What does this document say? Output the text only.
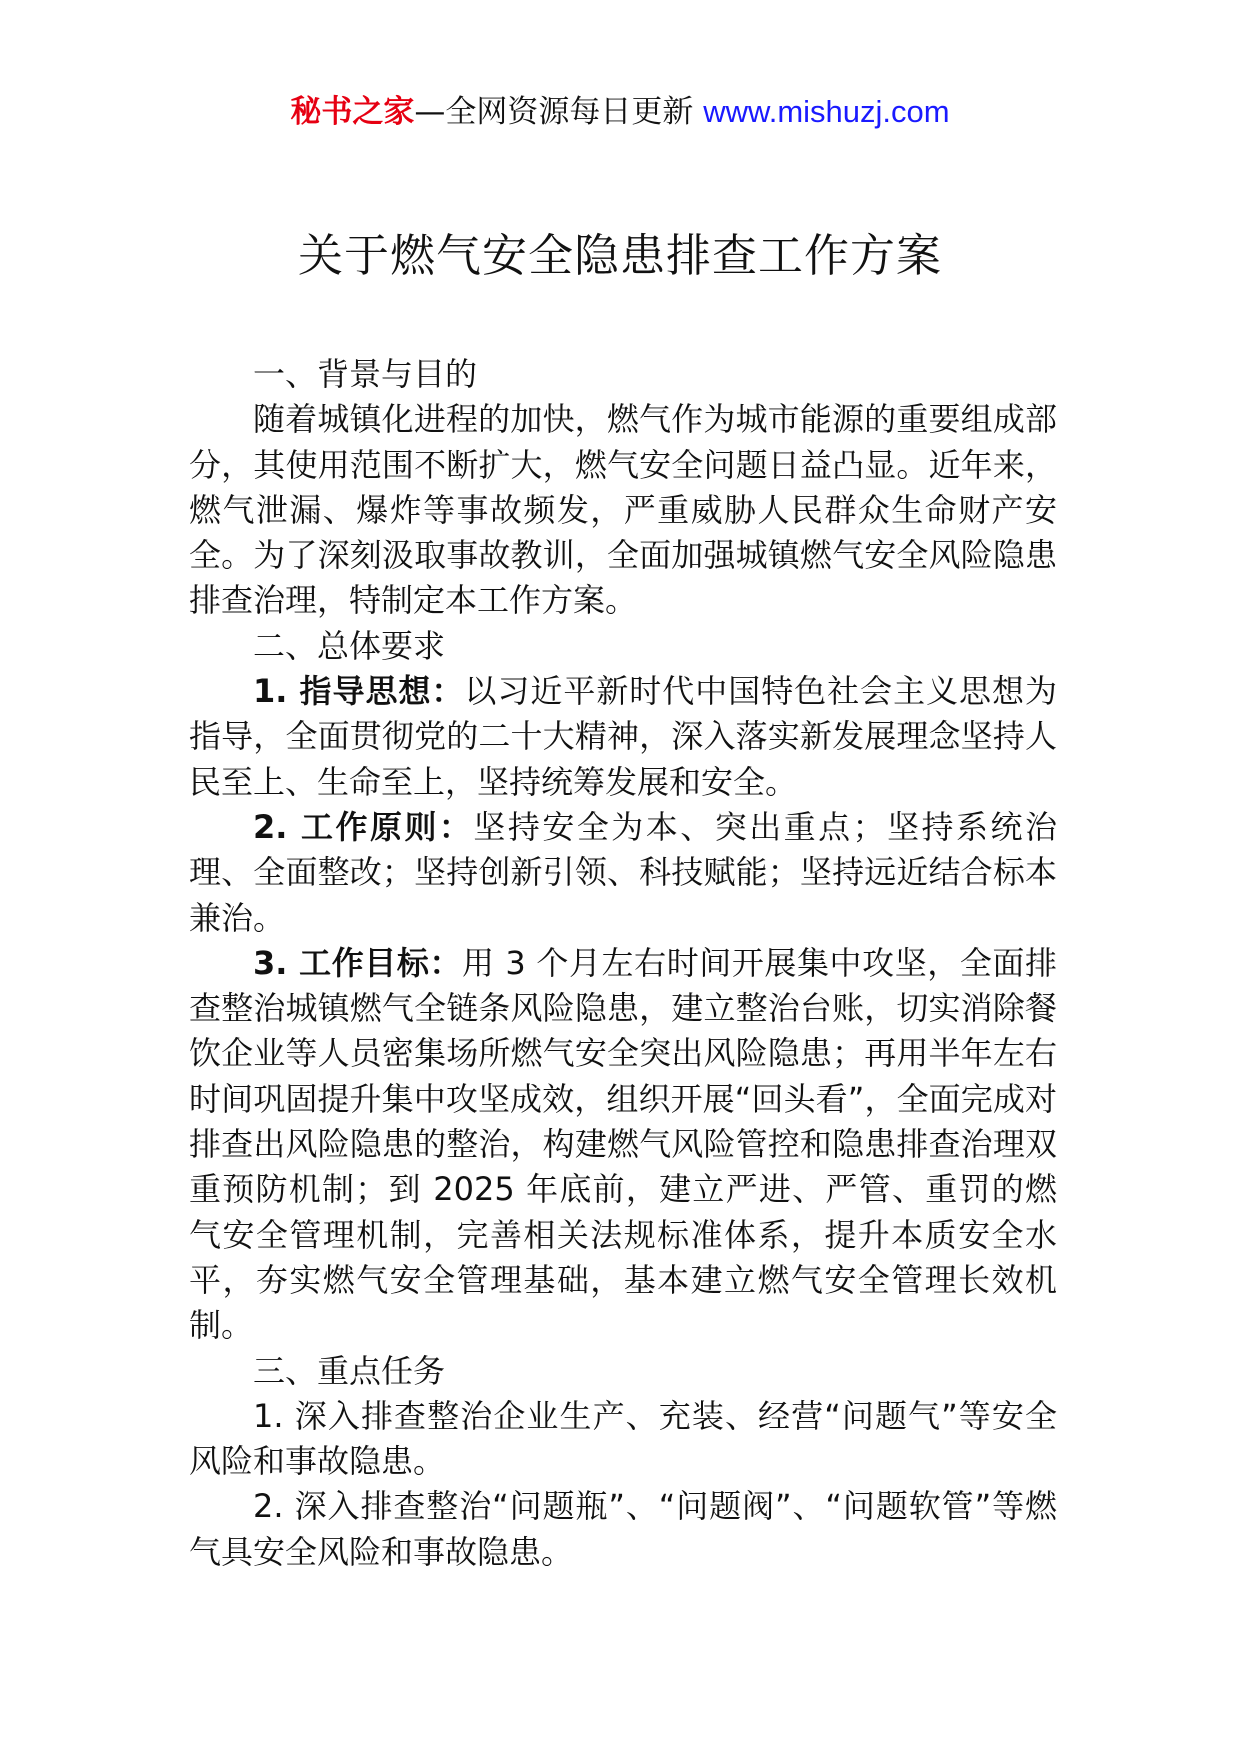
秘书之家—全网资源每日更新 www.mishuzj.com
关于燃气安全隐患排查工作方案

一、背景与目的

随着城镇化进程的加快，燃气作为城市能源的重要组成部分，其使用范围不断扩大，燃气安全问题日益凸显。近年来，燃气泄漏、爆炸等事故频发，严重威胁人民群众生命财产安全。为了深刻汲取事故教训，全面加强城镇燃气安全风险隐患排查治理，特制定本工作方案。

二、总体要求

1. 指导思想：以习近平新时代中国特色社会主义思想为指导，全面贯彻党的二十大精神，深入落实新发展理念坚持人民至上、生命至上，坚持统筹发展和安全。

2. 工作原则：坚持安全为本、突出重点；坚持系统治理、全面整改；坚持创新引领、科技赋能；坚持远近结合标本兼治。

3. 工作目标：用 3 个月左右时间开展集中攻坚，全面排查整治城镇燃气全链条风险隐患，建立整治台账，切实消除餐饮企业等人员密集场所燃气安全突出风险隐患；再用半年左右时间巩固提升集中攻坚成效，组织开展“回头看”，全面完成对排查出风险隐患的整治，构建燃气风险管控和隐患排查治理双重预防机制；到 2025 年底前，建立严进、严管、重罚的燃气安全管理机制，完善相关法规标准体系，提升本质安全水平，夯实燃气安全管理基础，基本建立燃气安全管理长效机制。

三、重点任务

1. 深入排查整治企业生产、充装、经营“问题气”等安全风险和事故隐患。

2. 深入排查整治“问题瓶”、“问题阀”、“问题软管”等燃气具安全风险和事故隐患。
